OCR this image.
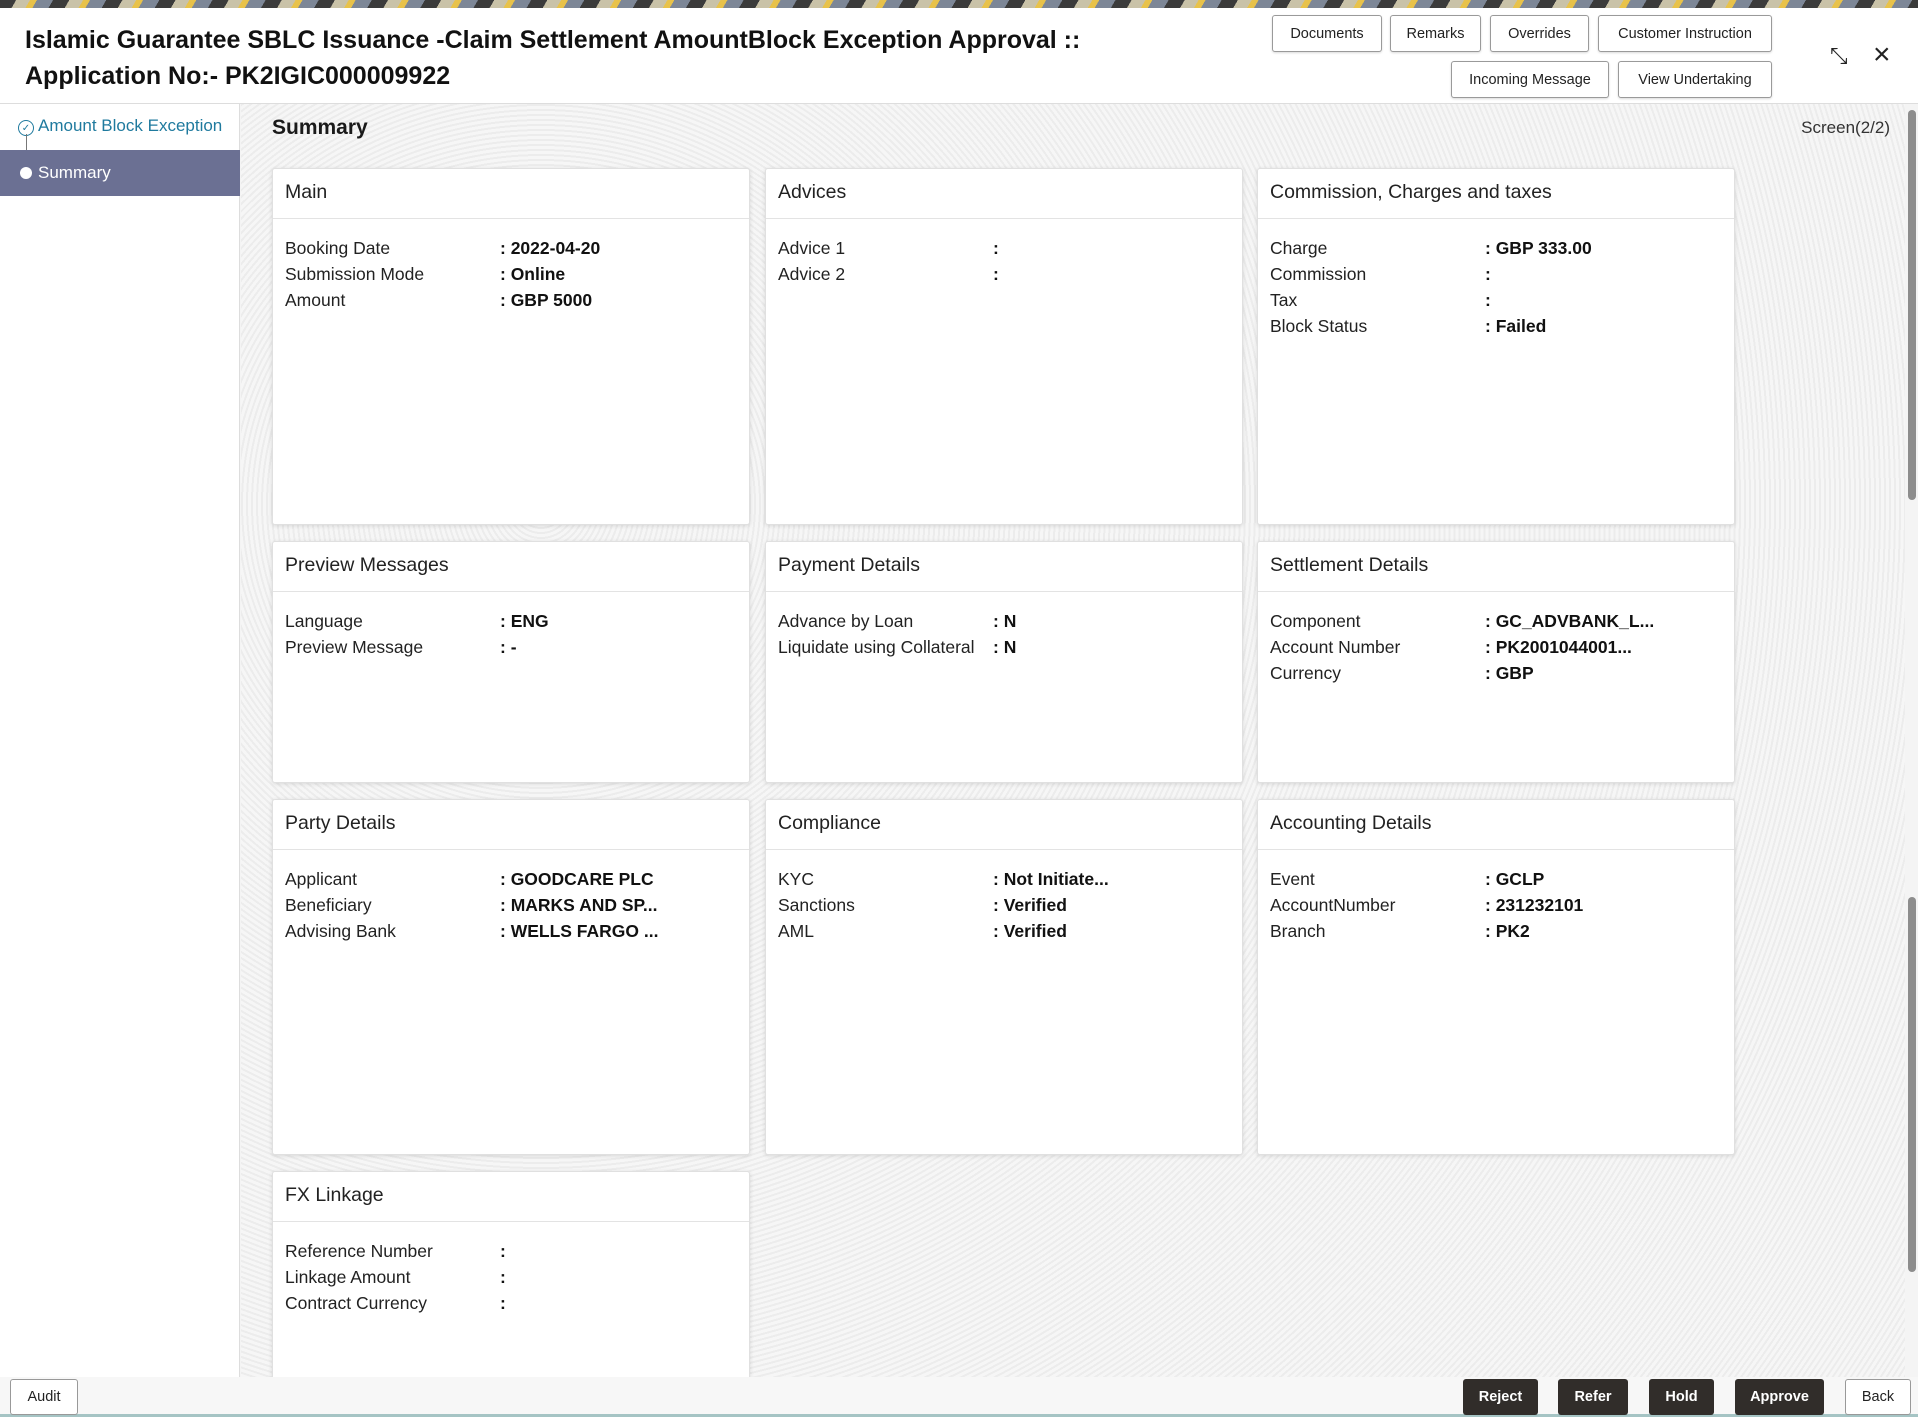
Islamic Guarantee SBLC Issuance -Claim Settlement AmountBlock Exception Approval ::
Application No:- PK2IGIC000009922
Documents	Remarks	Overrides	Customer Instruction
Incoming Message	View Undertaking
⤡ ×
✓ Amount Block Exception
Summary
Summary	Screen(2/2)
Main
Booking Date	: 2022-04-20
Submission Mode	: Online
Amount	: GBP 5000
Advices
Advice 1	:
Advice 2	:
Commission, Charges and taxes
Charge	: GBP 333.00
Commission	:
Tax	:
Block Status	: Failed
Preview Messages
Language	: ENG
Preview Message	: -
Payment Details
Advance by Loan	: N
Liquidate using Collateral	: N
Settlement Details
Component	: GC_ADVBANK_L...
Account Number	: PK2001044001...
Currency	: GBP
Party Details
Applicant	: GOODCARE PLC
Beneficiary	: MARKS AND SP...
Advising Bank	: WELLS FARGO ...
Compliance
KYC	: Not Initiate...
Sanctions	: Verified
AML	: Verified
Accounting Details
Event	: GCLP
AccountNumber	: 231232101
Branch	: PK2
FX Linkage
Reference Number	:
Linkage Amount	:
Contract Currency	:
Audit	Reject	Refer	Hold	Approve	Back
